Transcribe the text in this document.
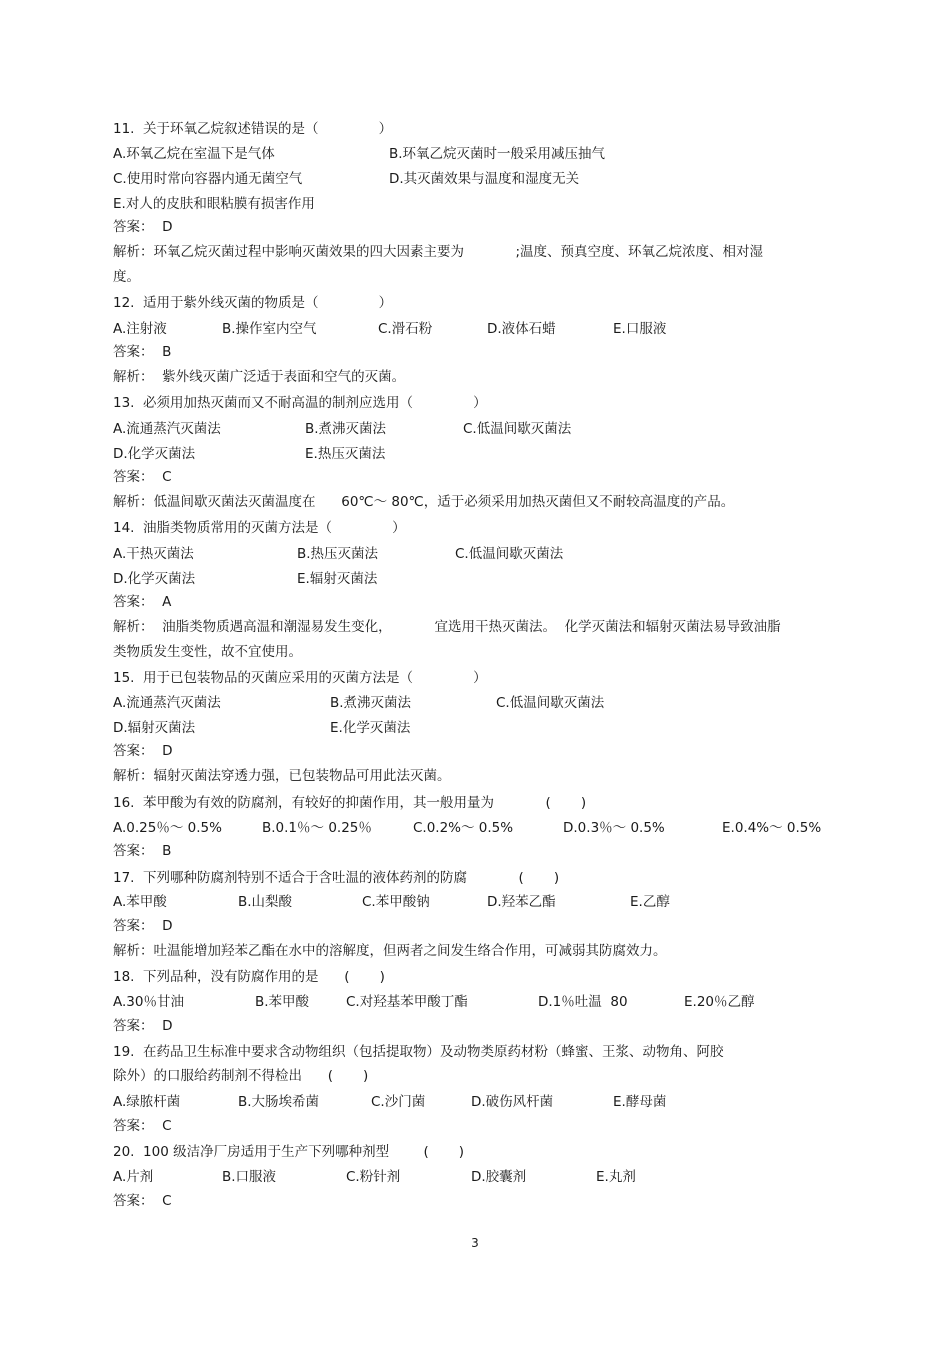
11.  关于环氧乙烷叙述错误的是（              ）
A.环氧乙烷在室温下是气体	B.环氧乙烷灭菌时一般采用减压抽气
C.使用时常向容器内通无菌空气	D.其灭菌效果与温度和湿度无关
E.对人的皮肤和眼粘膜有损害作用
答案：  D
解析：环氧乙烷灭菌过程中影响灭菌效果的四大因素主要为            ;温度、预真空度、环氧乙烷浓度、相对湿
度。
12.  适用于紫外线灭菌的物质是（              ）
A.注射液	B.操作室内空气	C.滑石粉	D.液体石蜡	E.口服液
答案：  B
解析：  紫外线灭菌广泛适于表面和空气的灭菌。
13.  必须用加热灭菌而又不耐高温的制剂应选用（              ）
A.流通蒸汽灭菌法	B.煮沸灭菌法	C.低温间歇灭菌法
D.化学灭菌法	E.热压灭菌法
答案：  C
解析：低温间歇灭菌法灭菌温度在      60℃～ 80℃，适于必须采用加热灭菌但又不耐较高温度的产品。
14.  油脂类物质常用的灭菌方法是（              ）
A.干热灭菌法	B.热压灭菌法	C.低温间歇灭菌法
D.化学灭菌法	E.辐射灭菌法
答案：  A
解析：  油脂类物质遇高温和潮湿易发生变化，          宜选用干热灭菌法。  化学灭菌法和辐射灭菌法易导致油脂
类物质发生变性，故不宜使用。
15.  用于已包装物品的灭菌应采用的灭菌方法是（              ）
A.流通蒸汽灭菌法	B.煮沸灭菌法	C.低温间歇灭菌法
D.辐射灭菌法	E.化学灭菌法
答案：  D
解析：辐射灭菌法穿透力强，已包装物品可用此法灭菌。
16.  苯甲酸为有效的防腐剂，有较好的抑菌作用，其一般用量为            (       )
A.0.25％～ 0.5%	B.0.1％～ 0.25％	C.0.2%～ 0.5%	D.0.3％～ 0.5%	E.0.4%～ 0.5%
答案：  B
17.  下列哪种防腐剂特别不适合于含吐温的液体药剂的防腐            (       )
A.苯甲酸	B.山梨酸	C.苯甲酸钠	D.羟苯乙酯	E.乙醇
答案：  D
解析：吐温能增加羟苯乙酯在水中的溶解度，但两者之间发生络合作用，可减弱其防腐效力。
18.  下列品种，没有防腐作用的是      (       )
A.30％甘油	B.苯甲酸	C.对羟基苯甲酸丁酯	D.1％吐温  80	E.20％乙醇
答案：  D
19.  在药品卫生标准中要求含动物组织（包括提取物）及动物类原药材粉（蜂蜜、王浆、动物角、阿胶
除外）的口服给药制剂不得检出      (       )
A.绿脓杆菌	B.大肠埃希菌	C.沙门菌	D.破伤风杆菌	E.酵母菌
答案：  C
20.  100 级洁净厂房适用于生产下列哪种剂型        (       )
A.片剂	B.口服液	C.粉针剂	D.胶囊剂	E.丸剂
答案：  C
3
